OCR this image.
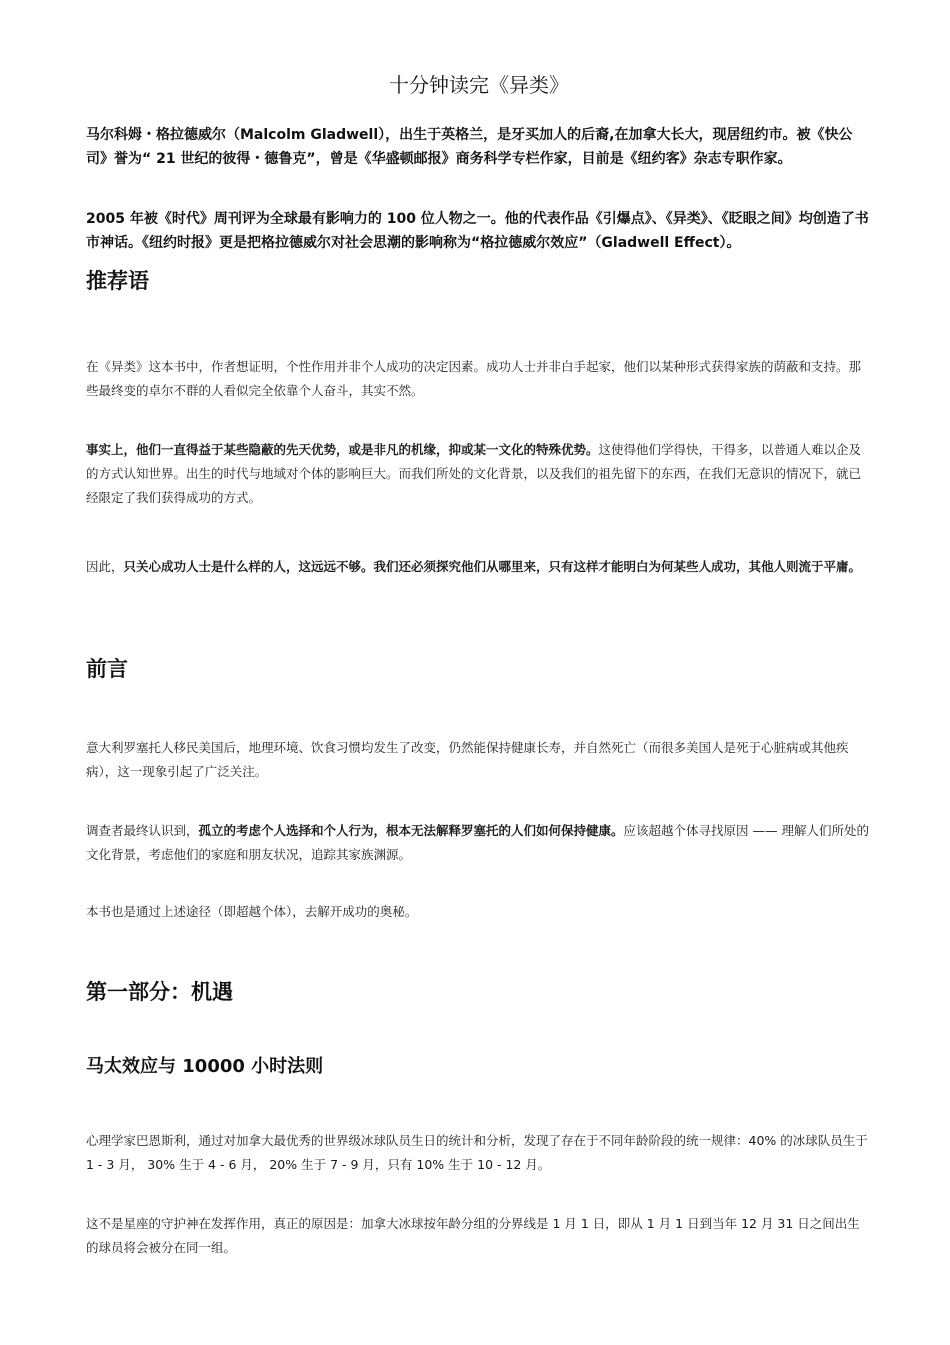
十分钟读完《异类》

马尔科姆・格拉德威尔（Malcolm Gladwell），出生于英格兰，是牙买加人的后裔,在加拿大长大，现居纽约市。被《快公司》誉为“ 21 世纪的彼得・德鲁克”，曾是《华盛顿邮报》商务科学专栏作家，目前是《纽约客》杂志专职作家。

2005 年被《时代》周刊评为全球最有影响力的 100 位人物之一。他的代表作品《引爆点》、《异类》、《眨眼之间》均创造了书市神话。《纽约时报》更是把格拉德威尔对社会思潮的影响称为“格拉德威尔效应”（Gladwell Effect）。

推荐语

在《异类》这本书中，作者想证明，个性作用并非个人成功的决定因素。成功人士并非白手起家，他们以某种形式获得家族的荫蔽和支持。那些最终变的卓尔不群的人看似完全依靠个人奋斗，其实不然。

事实上，他们一直得益于某些隐蔽的先天优势，或是非凡的机缘，抑或某一文化的特殊优势。这使得他们学得快，干得多，以普通人难以企及的方式认知世界。出生的时代与地域对个体的影响巨大。而我们所处的文化背景，以及我们的祖先留下的东西，在我们无意识的情况下，就已经限定了我们获得成功的方式。

因此，只关心成功人士是什么样的人，这远远不够。我们还必须探究他们从哪里来，只有这样才能明白为何某些人成功，其他人则流于平庸。

前言

意大利罗塞托人移民美国后，地理环境、饮食习惯均发生了改变，仍然能保持健康长寿，并自然死亡（而很多美国人是死于心脏病或其他疾病），这一现象引起了广泛关注。

调查者最终认识到，孤立的考虑个人选择和个人行为，根本无法解释罗塞托的人们如何保持健康。应该超越个体寻找原因 —— 理解人们所处的文化背景，考虑他们的家庭和朋友状况，追踪其家族渊源。

本书也是通过上述途径（即超越个体），去解开成功的奥秘。

第一部分：机遇
马太效应与 10000 小时法则

心理学家巴恩斯利，通过对加拿大最优秀的世界级冰球队员生日的统计和分析，发现了存在于不同年龄阶段的统一规律：40% 的冰球队员生于 1 - 3 月， 30% 生于 4 - 6 月， 20% 生于 7 - 9 月，只有 10% 生于 10 - 12 月。

这不是星座的守护神在发挥作用，真正的原因是：加拿大冰球按年龄分组的分界线是 1 月 1 日，即从 1 月 1 日到当年 12 月 31 日之间出生的球员将会被分在同一组。
